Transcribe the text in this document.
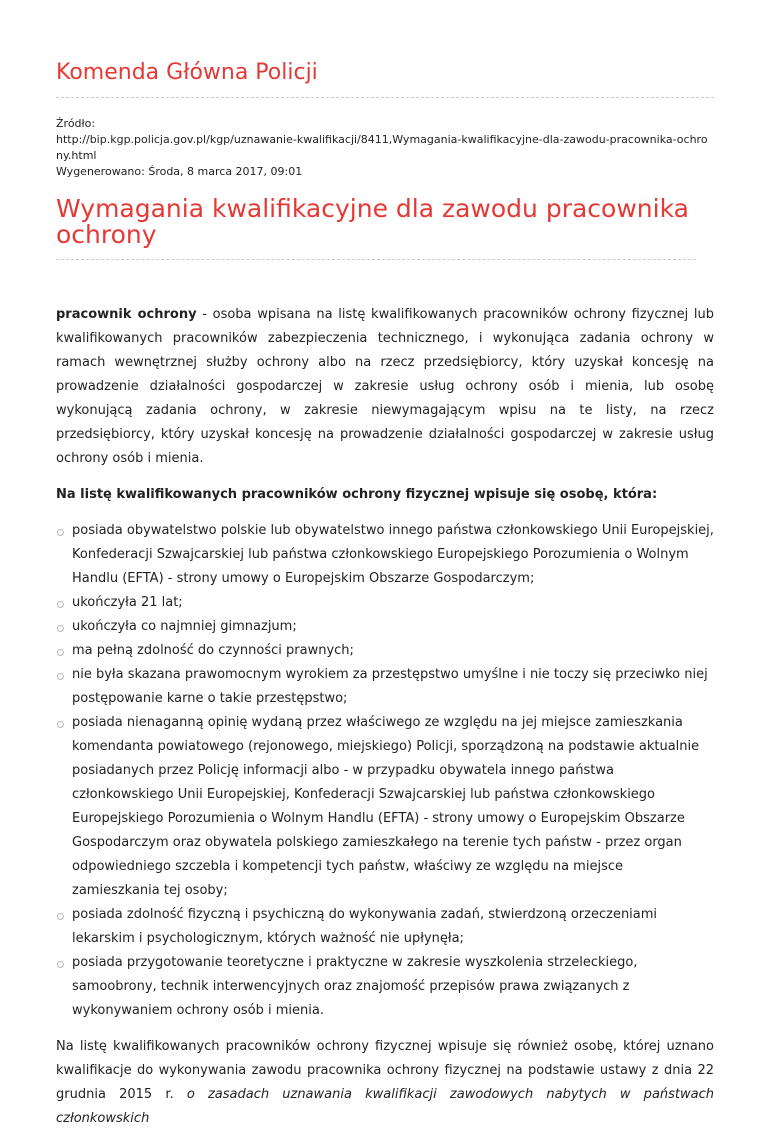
Komenda Główna Policji
Źródło:
http://bip.kgp.policja.gov.pl/kgp/uznawanie-kwalifikacji/8411,Wymagania-kwalifikacyjne-dla-zawodu-pracownika-ochrony.html
Wygenerowano: Środa, 8 marca 2017, 09:01
Wymagania kwalifikacyjne dla zawodu pracownika ochrony

pracownik ochrony - osoba wpisana na listę kwalifikowanych pracowników ochrony fizycznej lub kwalifikowanych pracowników zabezpieczenia technicznego, i wykonująca zadania ochrony w ramach wewnętrznej służby ochrony albo na rzecz przedsiębiorcy, który uzyskał koncesję na prowadzenie działalności gospodarczej w zakresie usług ochrony osób i mienia, lub osobę wykonującą zadania ochrony, w zakresie niewymagającym wpisu na te listy, na rzecz przedsiębiorcy, który uzyskał koncesję na prowadzenie działalności gospodarczej w zakresie usług ochrony osób i mienia.

Na listę kwalifikowanych pracowników ochrony fizycznej wpisuje się osobę, która:
posiada obywatelstwo polskie lub obywatelstwo innego państwa członkowskiego Unii Europejskiej, Konfederacji Szwajcarskiej lub państwa członkowskiego Europejskiego Porozumienia o Wolnym Handlu (EFTA) - strony umowy o Europejskim Obszarze Gospodarczym;
ukończyła 21 lat;
ukończyła co najmniej gimnazjum;
ma pełną zdolność do czynności prawnych;
nie była skazana prawomocnym wyrokiem za przestępstwo umyślne i nie toczy się przeciwko niej postępowanie karne o takie przestępstwo;
posiada nienaganną opinię wydaną przez właściwego ze względu na jej miejsce zamieszkania komendanta powiatowego (rejonowego, miejskiego) Policji, sporządzoną na podstawie aktualnie posiadanych przez Policję informacji albo - w przypadku obywatela innego państwa członkowskiego Unii Europejskiej, Konfederacji Szwajcarskiej lub państwa członkowskiego Europejskiego Porozumienia o Wolnym Handlu (EFTA) - strony umowy o Europejskim Obszarze Gospodarczym oraz obywatela polskiego zamieszkałego na terenie tych państw - przez organ odpowiedniego szczebla i kompetencji tych państw, właściwy ze względu na miejsce zamieszkania tej osoby;
posiada zdolność fizyczną i psychiczną do wykonywania zadań, stwierdzoną orzeczeniami lekarskim i psychologicznym, których ważność nie upłynęła;
posiada przygotowanie teoretyczne i praktyczne w zakresie wyszkolenia strzeleckiego, samoobrony, technik interwencyjnych oraz znajomość przepisów prawa związanych z wykonywaniem ochrony osób i mienia.

Na listę kwalifikowanych pracowników ochrony fizycznej wpisuje się również osobę, której uznano kwalifikacje do wykonywania zawodu pracownika ochrony fizycznej na podstawie ustawy z dnia 22 grudnia 2015 r. o zasadach uznawania kwalifikacji zawodowych nabytych w państwach członkowskich
